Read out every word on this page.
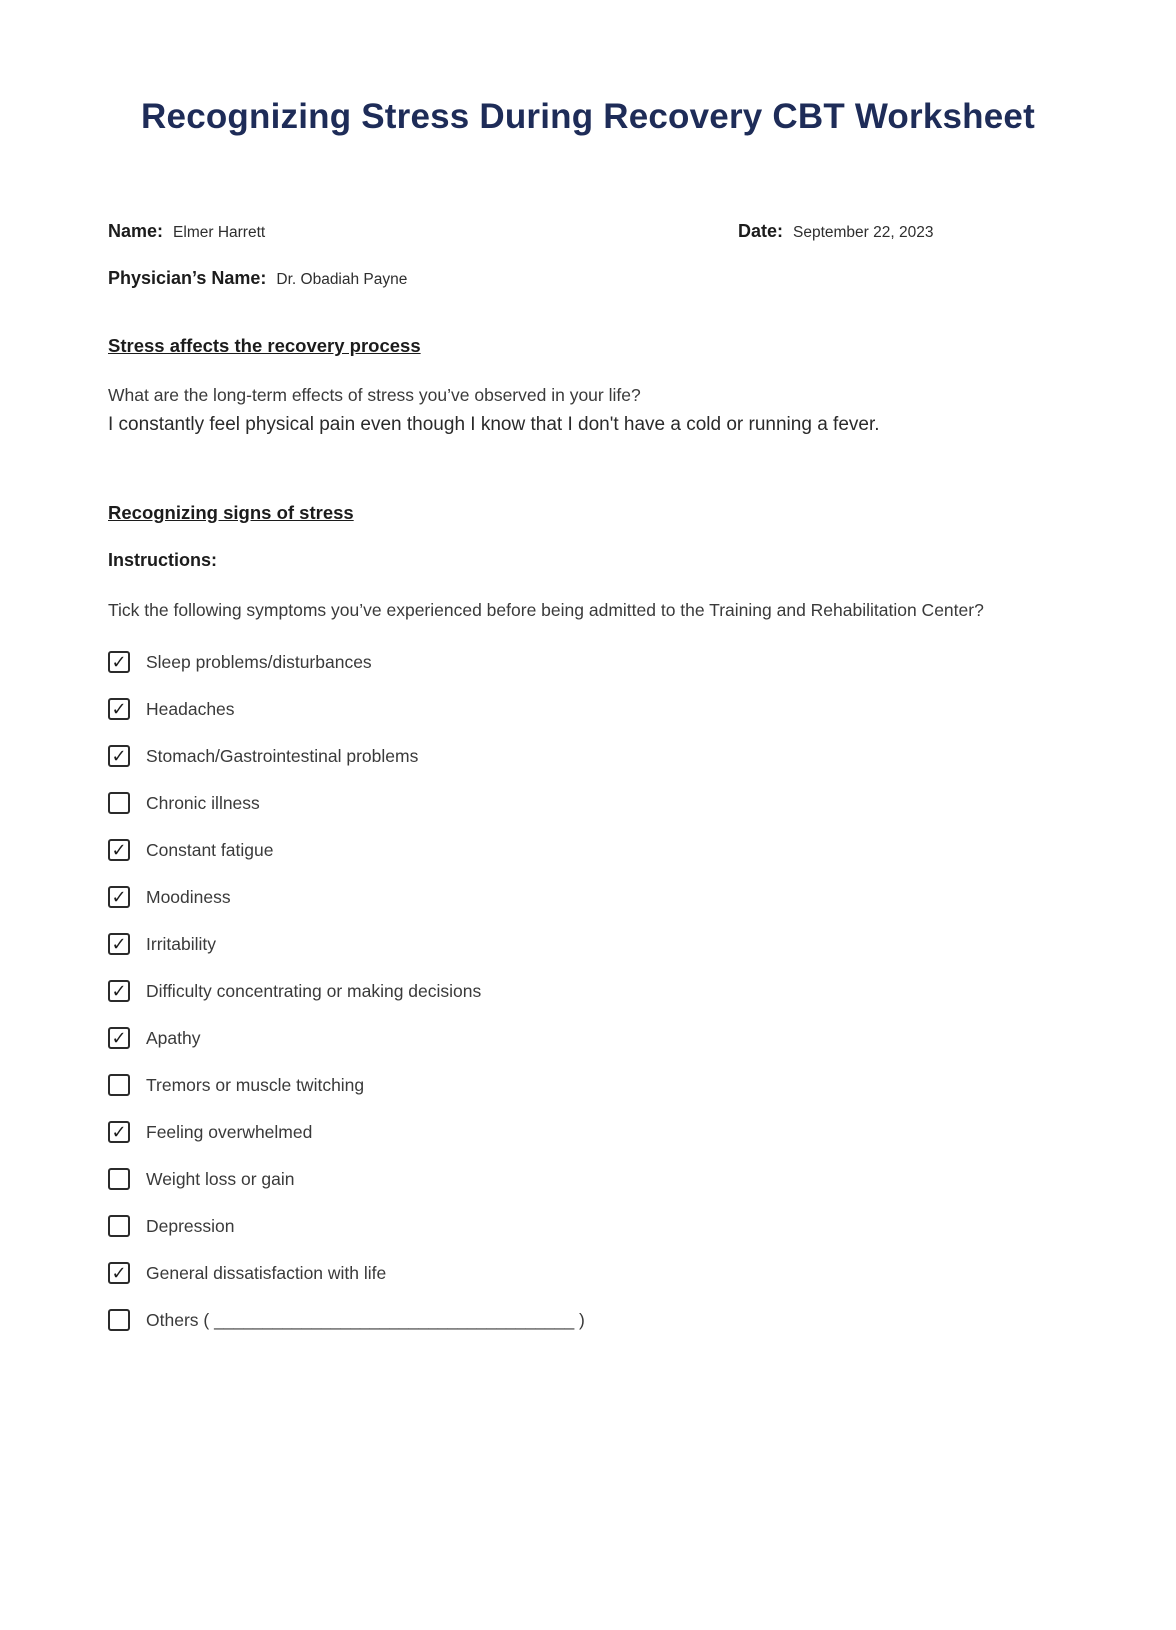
Recognizing Stress During Recovery CBT Worksheet
Name: Elmer Harrett	Date: September 22, 2023
Physician’s Name: Dr. Obadiah Payne
Stress affects the recovery process

What are the long-term effects of stress you’ve observed in your life?

I constantly feel physical pain even though I know that I don't have a cold or running a fever.

Recognizing signs of stress

Instructions:

Tick the following symptoms you’ve experienced before being admitted to the Training and Rehabilitation Center?

✓
Sleep problems/disturbances
✓
Headaches
✓
Stomach/Gastrointestinal problems
Chronic illness
✓
Constant fatigue
✓
Moodiness
✓
Irritability
✓
Difficulty concentrating or making decisions
✓
Apathy
Tremors or muscle twitching
✓
Feeling overwhelmed
Weight loss or gain
Depression
✓
General dissatisfaction with life
Others ( _____________________________________ )
